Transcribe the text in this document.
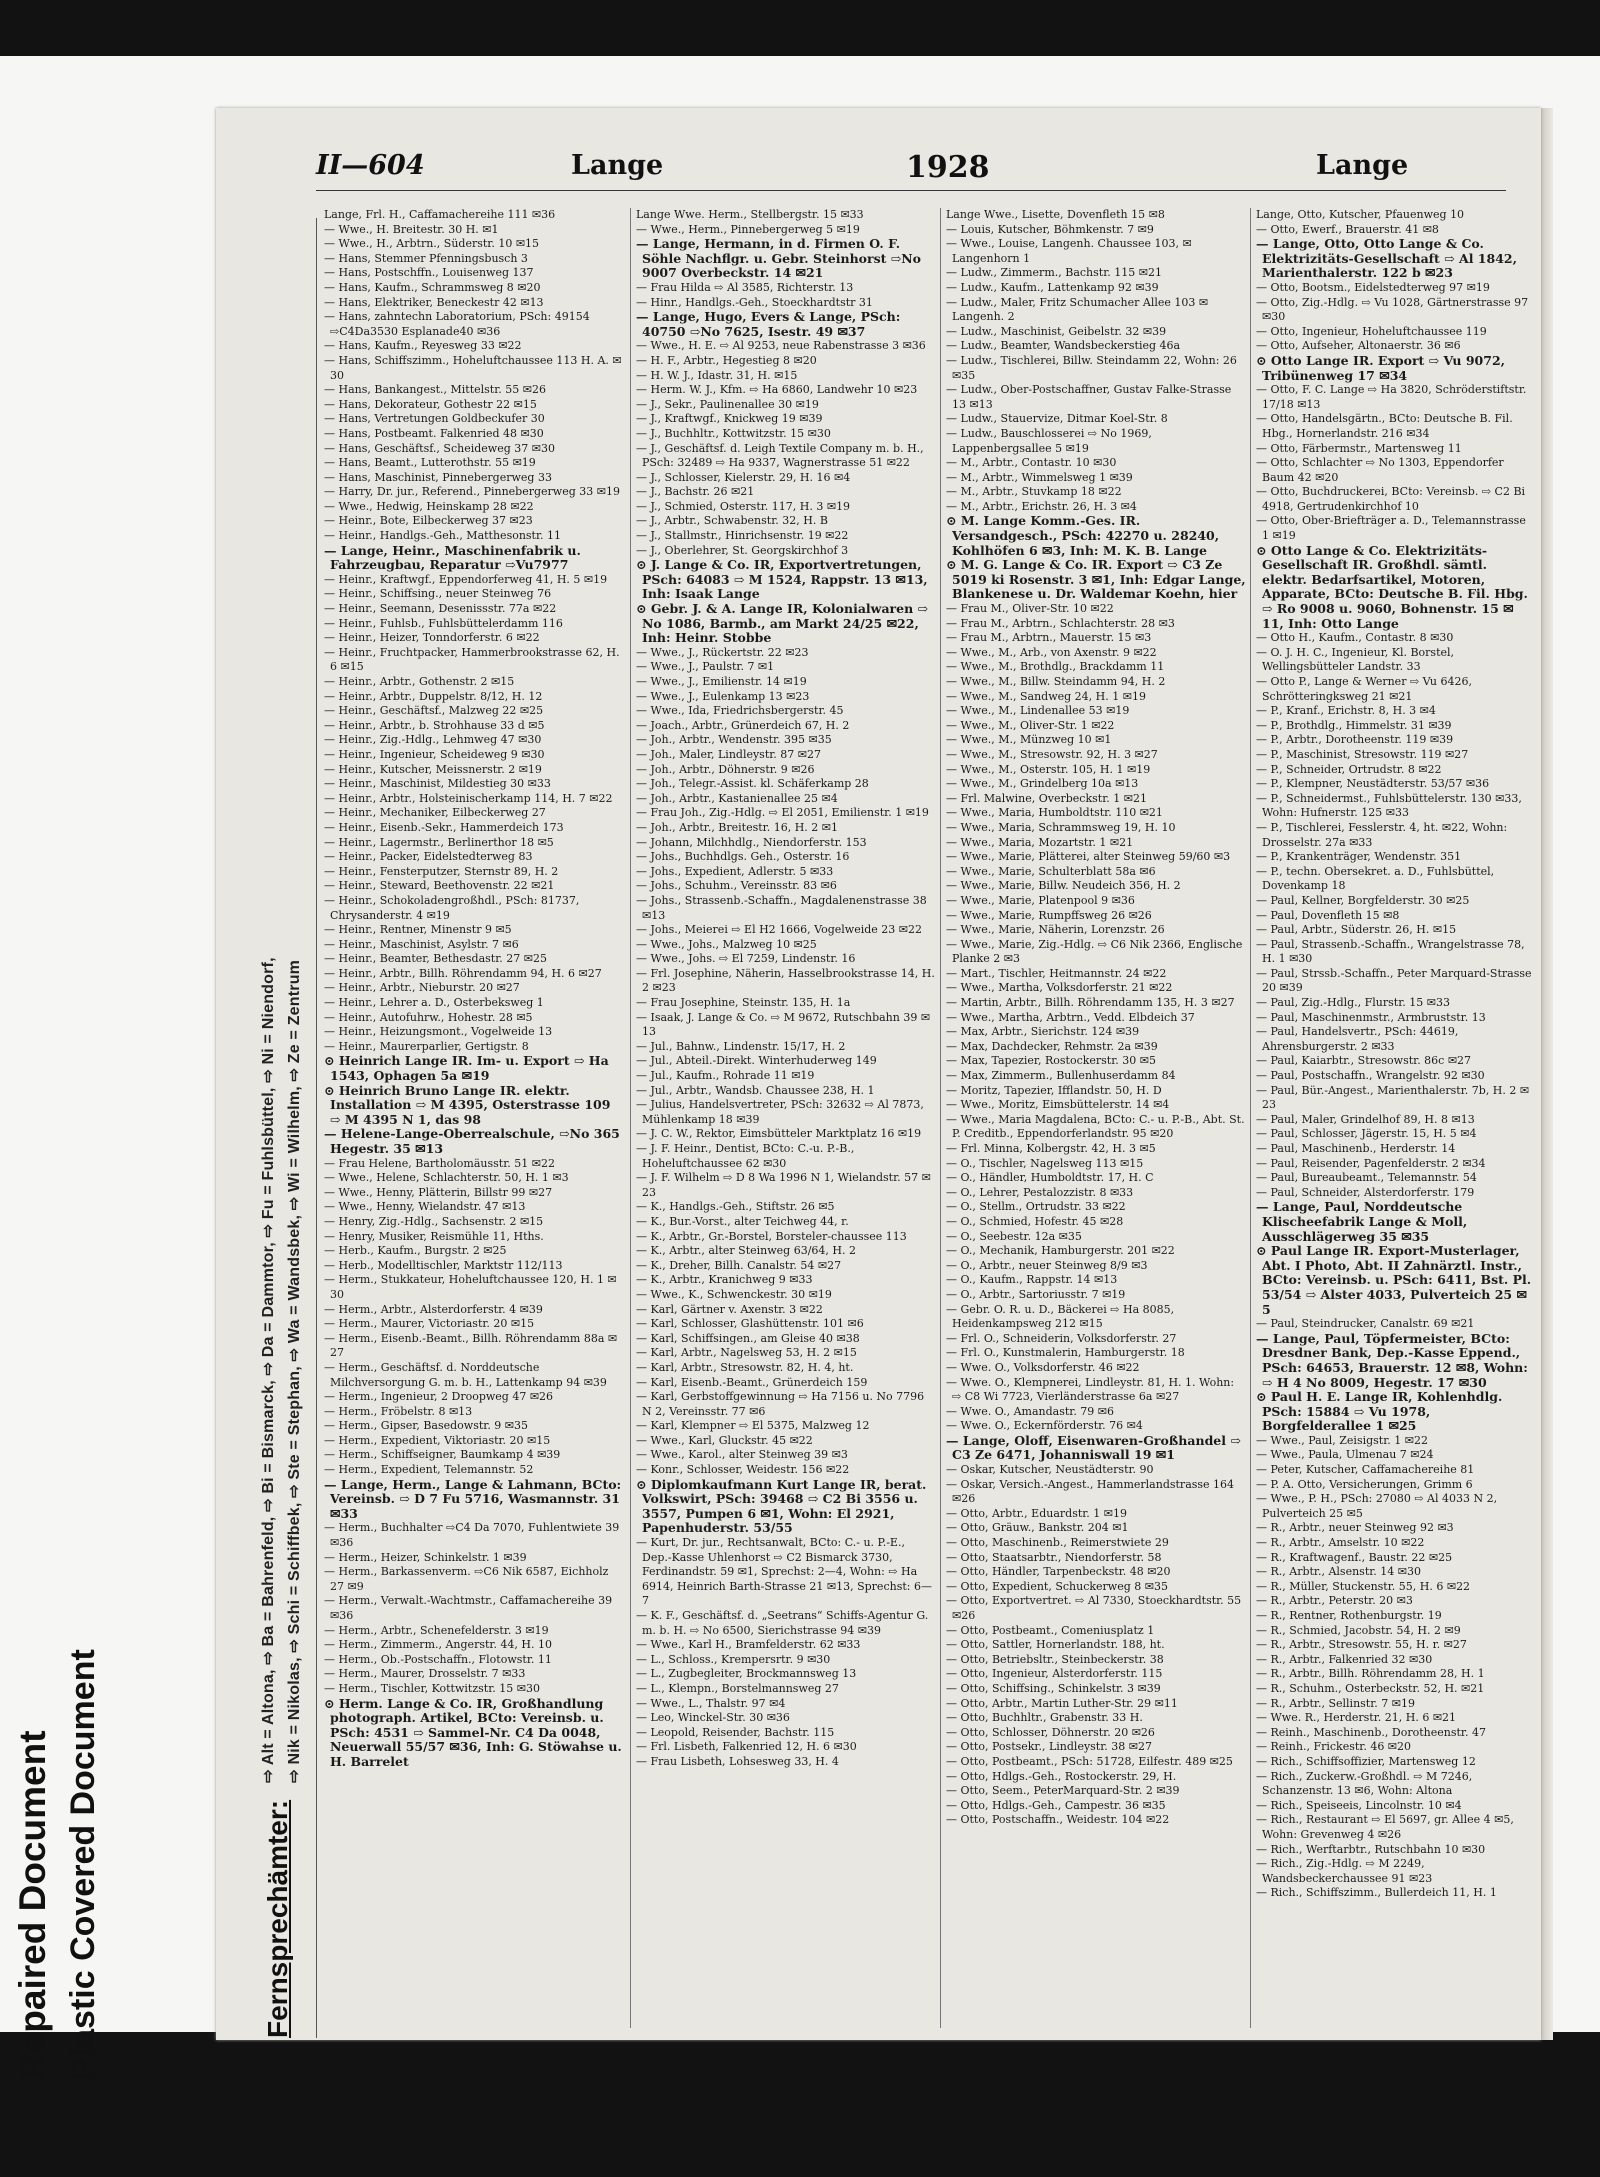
Repaired Document Plastic Covered Document
II—604	Lange	1928	Lange
Fernsprechämter:
⇨ Alt = Altona, ⇨ Ba = Bahrenfeld, ⇨ Bi = Bismarck, ⇨ Da = Dammtor, ⇨ Fu = Fuhlsbüttel, ⇨ Ni = Niendorf, ⇨ Nik = Nikolas, ⇨ Schi = Schiffbek, ⇨ Ste = Stephan, ⇨ Wa = Wandsbek, ⇨ Wi = Wilhelm, ⇨ Ze = Zentrum

Lange, Frl. H., Caffamachereihe 111 ✉36

— Wwe., H. Breitestr. 30 H. ✉1

— Wwe., H., Arbtrn., Süderstr. 10 ✉15

— Hans, Stemmer Pfenningsbusch 3

— Hans, Postschffn., Louisenweg 137

— Hans, Kaufm., Schrammsweg 8 ✉20

— Hans, Elektriker, Beneckestr 42 ✉13

— Hans, zahntechn Laboratorium, PSch: 49154 ⇨C4Da3530 Esplanade40 ✉36

— Hans, Kaufm., Reyesweg 33 ✉22

— Hans, Schiffszimm., Hoheluftchaussee 113 H. A. ✉30

— Hans, Bankangest., Mittelstr. 55 ✉26

— Hans, Dekorateur, Gothestr 22 ✉15

— Hans, Vertretungen Goldbeckufer 30

— Hans, Postbeamt. Falkenried 48 ✉30

— Hans, Geschäftsf., Scheideweg 37 ✉30

— Hans, Beamt., Lutterothstr. 55 ✉19

— Hans, Maschinist, Pinnebergerweg 33

— Harry, Dr. jur., Referend., Pinnebergerweg 33 ✉19

— Wwe., Hedwig, Heinskamp 28 ✉22

— Heinr., Bote, Eilbeckerweg 37 ✉23

— Heinr., Handlgs.-Geh., Matthesonstr. 11

— Lange, Heinr., Maschinenfabrik u. Fahrzeugbau, Reparatur ⇨Vu7977

— Heinr., Kraftwgf., Eppendorferweg 41, H. 5 ✉19

— Heinr., Schiffsing., neuer Steinweg 76

— Heinr., Seemann, Desenissstr. 77a ✉22

— Heinr., Fuhlsb., Fuhlsbüttelerdamm 116

— Heinr., Heizer, Tonndorferstr. 6 ✉22

— Heinr., Fruchtpacker, Hammerbrookstrasse 62, H. 6 ✉15

— Heinr., Arbtr., Gothenstr. 2 ✉15

— Heinr., Arbtr., Duppelstr. 8/12, H. 12

— Heinr., Geschäftsf., Malzweg 22 ✉25

— Heinr., Arbtr., b. Strohhause 33 d ✉5

— Heinr., Zig.-Hdlg., Lehmweg 47 ✉30

— Heinr., Ingenieur, Scheideweg 9 ✉30

— Heinr., Kutscher, Meissnerstr. 2 ✉19

— Heinr., Maschinist, Mildestieg 30 ✉33

— Heinr., Arbtr., Holsteinischerkamp 114, H. 7 ✉22

— Heinr., Mechaniker, Eilbeckerweg 27

— Heinr., Eisenb.-Sekr., Hammerdeich 173

— Heinr., Lagermstr., Berlinerthor 18 ✉5

— Heinr., Packer, Eidelstedterweg 83

— Heinr., Fensterputzer, Sternstr 89, H. 2

— Heinr., Steward, Beethovenstr. 22 ✉21

— Heinr., Schokoladengroßhdl., PSch: 81737, Chrysanderstr. 4 ✉19

— Heinr., Rentner, Minenstr 9 ✉5

— Heinr., Maschinist, Asylstr. 7 ✉6

— Heinr., Beamter, Bethesdastr. 27 ✉25

— Heinr., Arbtr., Billh. Röhrendamm 94, H. 6 ✉27

— Heinr., Arbtr., Nieburstr. 20 ✉27

— Heinr., Lehrer a. D., Osterbeksweg 1

— Heinr., Autofuhrw., Hohestr. 28 ✉5

— Heinr., Heizungsmont., Vogelweide 13

— Heinr., Maurerparlier, Gertigstr. 8

⊙ Heinrich Lange IR. Im- u. Export ⇨ Ha 1543, Ophagen 5a ✉19

⊙ Heinrich Bruno Lange IR. elektr. Installation ⇨ M 4395, Osterstrasse 109 ⇨ M 4395 N 1, das 98

— Helene-Lange-Oberrealschule, ⇨No 365 Hegestr. 35 ✉13

— Frau Helene, Bartholomäusstr. 51 ✉22

— Wwe., Helene, Schlachterstr. 50, H. 1 ✉3

— Wwe., Henny, Plätterin, Billstr 99 ✉27

— Wwe., Henny, Wielandstr. 47 ✉13

— Henry, Zig.-Hdlg., Sachsenstr. 2 ✉15

— Henry, Musiker, Reismühle 11, Hths.

— Herb., Kaufm., Burgstr. 2 ✉25

— Herb., Modelltischler, Marktstr 112/113

— Herm., Stukkateur, Hoheluftchaussee 120, H. 1 ✉30

— Herm., Arbtr., Alsterdorferstr. 4 ✉39

— Herm., Maurer, Victoriastr. 20 ✉15

— Herm., Eisenb.-Beamt., Billh. Röhrendamm 88a ✉27

— Herm., Geschäftsf. d. Norddeutsche Milchversorgung G. m. b. H., Lattenkamp 94 ✉39

— Herm., Ingenieur, 2 Droopweg 47 ✉26

— Herm., Fröbelstr. 8 ✉13

— Herm., Gipser, Basedowstr. 9 ✉35

— Herm., Expedient, Viktoriastr. 20 ✉15

— Herm., Schiffseigner, Baumkamp 4 ✉39

— Herm., Expedient, Telemannstr. 52

— Lange, Herm., Lange & Lahmann, BCto: Vereinsb. ⇨ D 7 Fu 5716, Wasmannstr. 31 ✉33

— Herm., Buchhalter ⇨C4 Da 7070, Fuhlentwiete 39 ✉36

— Herm., Heizer, Schinkelstr. 1 ✉39

— Herm., Barkassenverm. ⇨C6 Nik 6587, Eichholz 27 ✉9

— Herm., Verwalt.-Wachtmstr., Caffamachereihe 39 ✉36

— Herm., Arbtr., Schenefelderstr. 3 ✉19

— Herm., Zimmerm., Angerstr. 44, H. 10

— Herm., Ob.-Postschaffn., Flotowstr. 11

— Herm., Maurer, Drosselstr. 7 ✉33

— Herm., Tischler, Kottwitzstr. 15 ✉30

⊙ Herm. Lange & Co. IR, Großhandlung photograph. Artikel, BCto: Vereinsb. u. PSch: 4531 ⇨ Sammel-Nr. C4 Da 0048, Neuerwall 55/57 ✉36, Inh: G. Stöwahse u. H. Barrelet

Lange Wwe. Herm., Stellbergstr. 15 ✉33

— Wwe., Herm., Pinnebergerweg 5 ✉19

— Lange, Hermann, in d. Firmen O. F. Söhle Nachflgr. u. Gebr. Steinhorst ⇨No 9007 Overbeckstr. 14 ✉21

— Frau Hilda ⇨ Al 3585, Richterstr. 13

— Hinr., Handlgs.-Geh., Stoeckhardtstr 31

— Lange, Hugo, Evers & Lange, PSch: 40750 ⇨No 7625, Isestr. 49 ✉37

— Wwe., H. E. ⇨ Al 9253, neue Rabenstrasse 3 ✉36

— H. F., Arbtr., Hegestieg 8 ✉20

— H. W. J., Idastr. 31, H. ✉15

— Herm. W. J., Kfm. ⇨ Ha 6860, Landwehr 10 ✉23

— J., Sekr., Paulinenallee 30 ✉19

— J., Kraftwgf., Knickweg 19 ✉39

— J., Buchhltr., Kottwitzstr. 15 ✉30

— J., Geschäftsf. d. Leigh Textile Company m. b. H., PSch: 32489 ⇨ Ha 9337, Wagnerstrasse 51 ✉22

— J., Schlosser, Kielerstr. 29, H. 16 ✉4

— J., Bachstr. 26 ✉21

— J., Schmied, Osterstr. 117, H. 3 ✉19

— J., Arbtr., Schwabenstr. 32, H. B

— J., Stallmstr., Hinrichsenstr. 19 ✉22

— J., Oberlehrer, St. Georgskirchhof 3

⊙ J. Lange & Co. IR, Exportvertretungen, PSch: 64083 ⇨ M 1524, Rappstr. 13 ✉13, Inh: Isaak Lange

⊙ Gebr. J. & A. Lange IR, Kolonialwaren ⇨ No 1086, Barmb., am Markt 24/25 ✉22, Inh: Heinr. Stobbe

— Wwe., J., Rückertstr. 22 ✉23

— Wwe., J., Paulstr. 7 ✉1

— Wwe., J., Emilienstr. 14 ✉19

— Wwe., J., Eulenkamp 13 ✉23

— Wwe., Ida, Friedrichsbergerstr. 45

— Joach., Arbtr., Grünerdeich 67, H. 2

— Joh., Arbtr., Wendenstr. 395 ✉35

— Joh., Maler, Lindleystr. 87 ✉27

— Joh., Arbtr., Döhnerstr. 9 ✉26

— Joh., Telegr.-Assist. kl. Schäferkamp 28

— Joh., Arbtr., Kastanienallee 25 ✉4

— Frau Joh., Zig.-Hdlg. ⇨ El 2051, Emilienstr. 1 ✉19

— Joh., Arbtr., Breitestr. 16, H. 2 ✉1

— Johann, Milchhdlg., Niendorferstr. 153

— Johs., Buchhdlgs. Geh., Osterstr. 16

— Johs., Expedient, Adlerstr. 5 ✉33

— Johs., Schuhm., Vereinsstr. 83 ✉6

— Johs., Strassenb.-Schaffn., Magdalenenstrasse 38 ✉13

— Johs., Meierei ⇨ El H2 1666, Vogelweide 23 ✉22

— Wwe., Johs., Malzweg 10 ✉25

— Wwe., Johs. ⇨ El 7259, Lindenstr. 16

— Frl. Josephine, Näherin, Hasselbrookstrasse 14, H. 2 ✉23

— Frau Josephine, Steinstr. 135, H. 1a

— Isaak, J. Lange & Co. ⇨ M 9672, Rutschbahn 39 ✉13

— Jul., Bahnw., Lindenstr. 15/17, H. 2

— Jul., Abteil.-Direkt. Winterhuderweg 149

— Jul., Kaufm., Rohrade 11 ✉19

— Jul., Arbtr., Wandsb. Chaussee 238, H. 1

— Julius, Handelsvertreter, PSch: 32632 ⇨ Al 7873, Mühlenkamp 18 ✉39

— J. C. W., Rektor, Eimsbütteler Marktplatz 16 ✉19

— J. F. Heinr., Dentist, BCto: C.-u. P.-B., Hoheluftchaussee 62 ✉30

— J. F. Wilhelm ⇨ D 8 Wa 1996 N 1, Wielandstr. 57 ✉23

— K., Handlgs.-Geh., Stiftstr. 26 ✉5

— K., Bur.-Vorst., alter Teichweg 44, r.

— K., Arbtr., Gr.-Borstel, Borsteler-chaussee 113

— K., Arbtr., alter Steinweg 63/64, H. 2

— K., Dreher, Billh. Canalstr. 54 ✉27

— K., Arbtr., Kranichweg 9 ✉33

— Wwe., K., Schwenckestr. 30 ✉19

— Karl, Gärtner v. Axenstr. 3 ✉22

— Karl, Schlosser, Glashüttenstr. 101 ✉6

— Karl, Schiffsingen., am Gleise 40 ✉38

— Karl, Arbtr., Nagelsweg 53, H. 2 ✉15

— Karl, Arbtr., Stresowstr. 82, H. 4, ht.

— Karl, Eisenb.-Beamt., Grünerdeich 159

— Karl, Gerbstoffgewinnung ⇨ Ha 7156 u. No 7796 N 2, Vereinsstr. 77 ✉6

— Karl, Klempner ⇨ El 5375, Malzweg 12

— Wwe., Karl, Gluckstr. 45 ✉22

— Wwe., Karol., alter Steinweg 39 ✉3

— Konr., Schlosser, Weidestr. 156 ✉22

⊙ Diplomkaufmann Kurt Lange IR, berat. Volkswirt, PSch: 39468 ⇨ C2 Bi 3556 u. 3557, Pumpen 6 ✉1, Wohn: El 2921, Papenhuderstr. 53/55

— Kurt, Dr. jur., Rechtsanwalt, BCto: C.- u. P.-E., Dep.-Kasse Uhlenhorst ⇨ C2 Bismarck 3730, Ferdinandstr. 59 ✉1, Sprechst: 2—4, Wohn: ⇨ Ha 6914, Heinrich Barth-Strasse 21 ✉13, Sprechst: 6—7

— K. F., Geschäftsf. d. „Seetrans“ Schiffs-Agentur G. m. b. H. ⇨ No 6500, Sierichstrasse 94 ✉39

— Wwe., Karl H., Bramfelderstr. 62 ✉33

— L., Schloss., Krempersrtr. 9 ✉30

— L., Zugbegleiter, Brockmannsweg 13

— L., Klempn., Borstelmannsweg 27

— Wwe., L., Thalstr. 97 ✉4

— Leo, Winckel-Str. 30 ✉36

— Leopold, Reisender, Bachstr. 115

— Frl. Lisbeth, Falkenried 12, H. 6 ✉30

— Frau Lisbeth, Lohsesweg 33, H. 4

Lange Wwe., Lisette, Dovenfleth 15 ✉8

— Louis, Kutscher, Böhmkenstr. 7 ✉9

— Wwe., Louise, Langenh. Chaussee 103, ✉ Langenhorn 1

— Ludw., Zimmerm., Bachstr. 115 ✉21

— Ludw., Kaufm., Lattenkamp 92 ✉39

— Ludw., Maler, Fritz Schumacher Allee 103 ✉ Langenh. 2

— Ludw., Maschinist, Geibelstr. 32 ✉39

— Ludw., Beamter, Wandsbeckerstieg 46a

— Ludw., Tischlerei, Billw. Steindamm 22, Wohn: 26 ✉35

— Ludw., Ober-Postschaffner, Gustav Falke-Strasse 13 ✉13

— Ludw., Stauervize, Ditmar Koel-Str. 8

— Ludw., Bauschlosserei ⇨ No 1969, Lappenbergsallee 5 ✉19

— M., Arbtr., Contastr. 10 ✉30

— M., Arbtr., Wimmelsweg 1 ✉39

— M., Arbtr., Stuvkamp 18 ✉22

— M., Arbtr., Erichstr. 26, H. 3 ✉4

⊙ M. Lange Komm.-Ges. IR. Versandgesch., PSch: 42270 u. 28240, Kohlhöfen 6 ✉3, Inh: M. K. B. Lange

⊙ M. G. Lange & Co. IR. Export ⇨ C3 Ze 5019 ki Rosenstr. 3 ✉1, Inh: Edgar Lange, Blankenese u. Dr. Waldemar Koehn, hier

— Frau M., Oliver-Str. 10 ✉22

— Frau M., Arbtrn., Schlachterstr. 28 ✉3

— Frau M., Arbtrn., Mauerstr. 15 ✉3

— Wwe., M., Arb., von Axenstr. 9 ✉22

— Wwe., M., Brothdlg., Brackdamm 11

— Wwe., M., Billw. Steindamm 94, H. 2

— Wwe., M., Sandweg 24, H. 1 ✉19

— Wwe., M., Lindenallee 53 ✉19

— Wwe., M., Oliver-Str. 1 ✉22

— Wwe., M., Münzweg 10 ✉1

— Wwe., M., Stresowstr. 92, H. 3 ✉27

— Wwe., M., Osterstr. 105, H. 1 ✉19

— Wwe., M., Grindelberg 10a ✉13

— Frl. Malwine, Overbeckstr. 1 ✉21

— Wwe., Maria, Humboldtstr. 110 ✉21

— Wwe., Maria, Schrammsweg 19, H. 10

— Wwe., Maria, Mozartstr. 1 ✉21

— Wwe., Marie, Plätterei, alter Steinweg 59/60 ✉3

— Wwe., Marie, Schulterblatt 58a ✉6

— Wwe., Marie, Billw. Neudeich 356, H. 2

— Wwe., Marie, Platenpool 9 ✉36

— Wwe., Marie, Rumpffsweg 26 ✉26

— Wwe., Marie, Näherin, Lorenzstr. 26

— Wwe., Marie, Zig.-Hdlg. ⇨ C6 Nik 2366, Englische Planke 2 ✉3

— Mart., Tischler, Heitmannstr. 24 ✉22

— Wwe., Martha, Volksdorferstr. 21 ✉22

— Martin, Arbtr., Billh. Röhrendamm 135, H. 3 ✉27

— Wwe., Martha, Arbtrn., Vedd. Elbdeich 37

— Max, Arbtr., Sierichstr. 124 ✉39

— Max, Dachdecker, Rehmstr. 2a ✉39

— Max, Tapezier, Rostockerstr. 30 ✉5

— Max, Zimmerm., Bullenhuserdamm 84

— Moritz, Tapezier, Ifflandstr. 50, H. D

— Wwe., Moritz, Eimsbüttelerstr. 14 ✉4

— Wwe., Maria Magdalena, BCto: C.- u. P.-B., Abt. St. P. Creditb., Eppendorferlandstr. 95 ✉20

— Frl. Minna, Kolbergstr. 42, H. 3 ✉5

— O., Tischler, Nagelsweg 113 ✉15

— O., Händler, Humboldtstr. 17, H. C

— O., Lehrer, Pestalozzistr. 8 ✉33

— O., Stellm., Ortrudstr. 33 ✉22

— O., Schmied, Hofestr. 45 ✉28

— O., Seebestr. 12a ✉35

— O., Mechanik, Hamburgerstr. 201 ✉22

— O., Arbtr., neuer Steinweg 8/9 ✉3

— O., Kaufm., Rappstr. 14 ✉13

— O., Arbtr., Sartoriusstr. 7 ✉19

— Gebr. O. R. u. D., Bäckerei ⇨ Ha 8085, Heidenkampsweg 212 ✉15

— Frl. O., Schneiderin, Volksdorferstr. 27

— Frl. O., Kunstmalerin, Hamburgerstr. 18

— Wwe. O., Volksdorferstr. 46 ✉22

— Wwe. O., Klempnerei, Lindleystr. 81, H. 1. Wohn: ⇨ C8 Wi 7723, Vierländerstrasse 6a ✉27

— Wwe. O., Amandastr. 79 ✉6

— Wwe. O., Eckernförderstr. 76 ✉4

— Lange, Oloff, Eisenwaren-Großhandel ⇨ C3 Ze 6471, Johanniswall 19 ✉1

— Oskar, Kutscher, Neustädterstr. 90

— Oskar, Versich.-Angest., Hammerlandstrasse 164 ✉26

— Otto, Arbtr., Eduardstr. 1 ✉19

— Otto, Gräuw., Bankstr. 204 ✉1

— Otto, Maschinenb., Reimerstwiete 29

— Otto, Staatsarbtr., Niendorferstr. 58

— Otto, Händler, Tarpenbeckstr. 48 ✉20

— Otto, Expedient, Schuckerweg 8 ✉35

— Otto, Exportvertret. ⇨ Al 7330, Stoeckhardtstr. 55 ✉26

— Otto, Postbeamt., Comeniusplatz 1

— Otto, Sattler, Hornerlandstr. 188, ht.

— Otto, Betriebsltr., Steinbeckerstr. 38

— Otto, Ingenieur, Alsterdorferstr. 115

— Otto, Schiffsing., Schinkelstr. 3 ✉39

— Otto, Arbtr., Martin Luther-Str. 29 ✉11

— Otto, Buchhltr., Grabenstr. 33 H.

— Otto, Schlosser, Döhnerstr. 20 ✉26

— Otto, Postsekr., Lindleystr. 38 ✉27

— Otto, Postbeamt., PSch: 51728, Eilfestr. 489 ✉25

— Otto, Hdlgs.-Geh., Rostockerstr. 29, H.

— Otto, Seem., PeterMarquard-Str. 2 ✉39

— Otto, Hdlgs.-Geh., Campestr. 36 ✉35

— Otto, Postschaffn., Weidestr. 104 ✉22

Lange, Otto, Kutscher, Pfauenweg 10

— Otto, Ewerf., Brauerstr. 41 ✉8

— Lange, Otto, Otto Lange & Co. Elektrizitäts-Gesellschaft ⇨ Al 1842, Marienthalerstr. 122 b ✉23

— Otto, Bootsm., Eidelstedterweg 97 ✉19

— Otto, Zig.-Hdlg. ⇨ Vu 1028, Gärtnerstrasse 97 ✉30

— Otto, Ingenieur, Hoheluftchaussee 119

— Otto, Aufseher, Altonaerstr. 36 ✉6

⊙ Otto Lange IR. Export ⇨ Vu 9072, Tribünenweg 17 ✉34

— Otto, F. C. Lange ⇨ Ha 3820, Schröderstiftstr. 17/18 ✉13

— Otto, Handelsgärtn., BCto: Deutsche B. Fil. Hbg., Hornerlandstr. 216 ✉34

— Otto, Färbermstr., Martensweg 11

— Otto, Schlachter ⇨ No 1303, Eppendorfer Baum 42 ✉20

— Otto, Buchdruckerei, BCto: Vereinsb. ⇨ C2 Bi 4918, Gertrudenkirchhof 10

— Otto, Ober-Briefträger a. D., Telemannstrasse 1 ✉19

⊙ Otto Lange & Co. Elektrizitäts-Gesellschaft IR. Großhdl. sämtl. elektr. Bedarfsartikel, Motoren, Apparate, BCto: Deutsche B. Fil. Hbg. ⇨ Ro 9008 u. 9060, Bohnenstr. 15 ✉11, Inh: Otto Lange

— Otto H., Kaufm., Contastr. 8 ✉30

— O. J. H. C., Ingenieur, Kl. Borstel, Wellingsbütteler Landstr. 33

— Otto P., Lange & Werner ⇨ Vu 6426, Schrötteringksweg 21 ✉21

— P., Kranf., Erichstr. 8, H. 3 ✉4

— P., Brothdlg., Himmelstr. 31 ✉39

— P., Arbtr., Dorotheenstr. 119 ✉39

— P., Maschinist, Stresowstr. 119 ✉27

— P., Schneider, Ortrudstr. 8 ✉22

— P., Klempner, Neustädterstr. 53/57 ✉36

— P., Schneidermst., Fuhlsbüttelerstr. 130 ✉33, Wohn: Hufnerstr. 125 ✉33

— P., Tischlerei, Fesslerstr. 4, ht. ✉22, Wohn: Drosselstr. 27a ✉33

— P., Krankenträger, Wendenstr. 351

— P., techn. Obersekret. a. D., Fuhlsbüttel, Dovenkamp 18

— Paul, Kellner, Borgfelderstr. 30 ✉25

— Paul, Dovenfleth 15 ✉8

— Paul, Arbtr., Süderstr. 26, H. ✉15

— Paul, Strassenb.-Schaffn., Wrangelstrasse 78, H. 1 ✉30

— Paul, Strssb.-Schaffn., Peter Marquard-Strasse 20 ✉39

— Paul, Zig.-Hdlg., Flurstr. 15 ✉33

— Paul, Maschinenmstr., Armbruststr. 13

— Paul, Handelsvertr., PSch: 44619, Ahrensburgerstr. 2 ✉33

— Paul, Kaiarbtr., Stresowstr. 86c ✉27

— Paul, Postschaffn., Wrangelstr. 92 ✉30

— Paul, Bür.-Angest., Marienthalerstr. 7b, H. 2 ✉23

— Paul, Maler, Grindelhof 89, H. 8 ✉13

— Paul, Schlosser, Jägerstr. 15, H. 5 ✉4

— Paul, Maschinenb., Herderstr. 14

— Paul, Reisender, Pagenfelderstr. 2 ✉34

— Paul, Bureaubeamt., Telemannstr. 54

— Paul, Schneider, Alsterdorferstr. 179

— Lange, Paul, Norddeutsche Klischeefabrik Lange & Moll, Ausschlägerweg 35 ✉35

⊙ Paul Lange IR. Export-Musterlager, Abt. I Photo, Abt. II Zahnärztl. Instr., BCto: Vereinsb. u. PSch: 6411, Bst. Pl. 53/54 ⇨ Alster 4033, Pulverteich 25 ✉5

— Paul, Steindrucker, Canalstr. 69 ✉21

— Lange, Paul, Töpfermeister, BCto: Dresdner Bank, Dep.-Kasse Eppend., PSch: 64653, Brauerstr. 12 ✉8, Wohn: ⇨ H 4 No 8009, Hegestr. 17 ✉30

⊙ Paul H. E. Lange IR, Kohlenhdlg. PSch: 15884 ⇨ Vu 1978, Borgfelderallee 1 ✉25

— Wwe., Paul, Zeisigstr. 1 ✉22

— Wwe., Paula, Ulmenau 7 ✉24

— Peter, Kutscher, Caffamachereihe 81

— P. A. Otto, Versicherungen, Grimm 6

— Wwe., P. H., PSch: 27080 ⇨ Al 4033 N 2, Pulverteich 25 ✉5

— R., Arbtr., neuer Steinweg 92 ✉3

— R., Arbtr., Amselstr. 10 ✉22

— R., Kraftwagenf., Baustr. 22 ✉25

— R., Arbtr., Alsenstr. 14 ✉30

— R., Müller, Stuckenstr. 55, H. 6 ✉22

— R., Arbtr., Peterstr. 20 ✉3

— R., Rentner, Rothenburgstr. 19

— R., Schmied, Jacobstr. 54, H. 2 ✉9

— R., Arbtr., Stresowstr. 55, H. r. ✉27

— R., Arbtr., Falkenried 32 ✉30

— R., Arbtr., Billh. Röhrendamm 28, H. 1

— R., Schuhm., Osterbeckstr. 52, H. ✉21

— R., Arbtr., Sellinstr. 7 ✉19

— Wwe. R., Herderstr. 21, H. 6 ✉21

— Reinh., Maschinenb., Dorotheenstr. 47

— Reinh., Frickestr. 46 ✉20

— Rich., Schiffsoffizier, Martensweg 12

— Rich., Zuckerw.-Großhdl. ⇨ M 7246, Schanzenstr. 13 ✉6, Wohn: Altona

— Rich., Speiseeis, Lincolnstr. 10 ✉4

— Rich., Restaurant ⇨ El 5697, gr. Allee 4 ✉5, Wohn: Grevenweg 4 ✉26

— Rich., Werftarbtr., Rutschbahn 10 ✉30

— Rich., Zig.-Hdlg. ⇨ M 2249, Wandsbeckerchaussee 91 ✉23

— Rich., Schiffszimm., Bullerdeich 11, H. 1
